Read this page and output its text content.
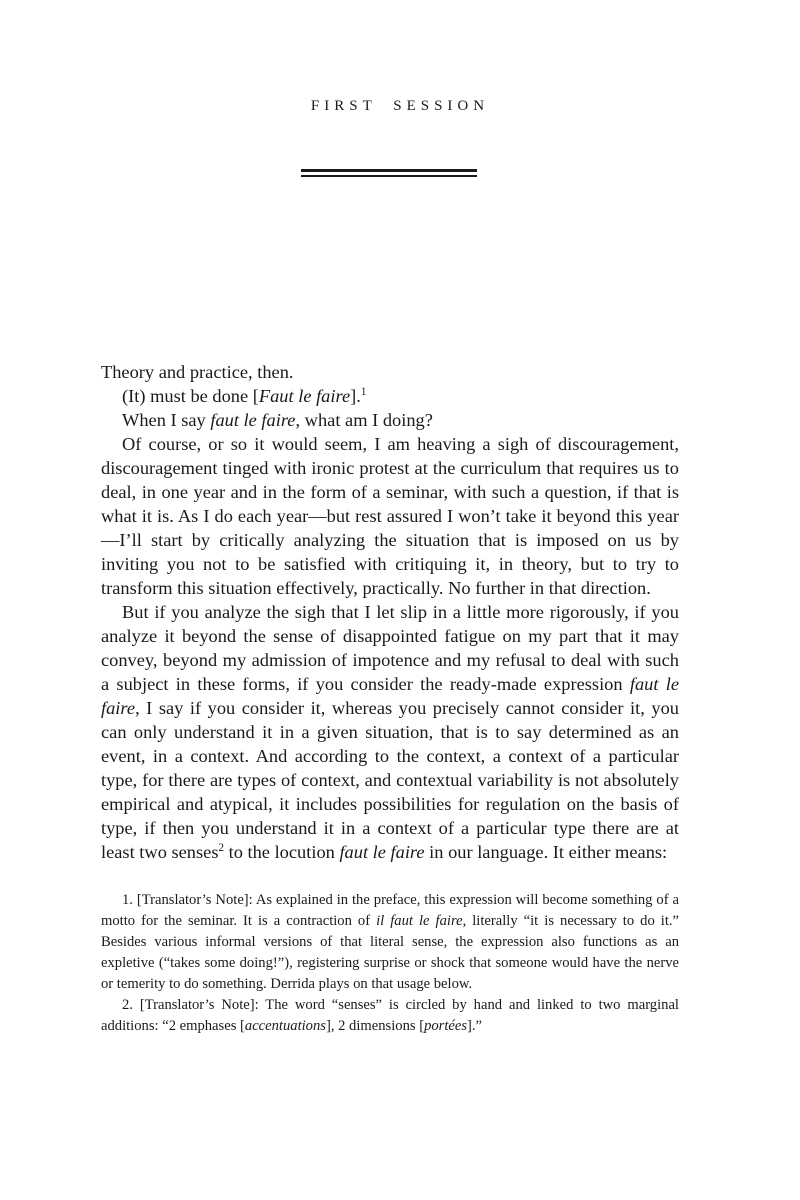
FIRST SESSION

Theory and practice, then.

(It) must be done [Faut le faire].$^1$

When I say faut le faire, what am I doing?

Of course, or so it would seem, I am heaving a sigh of discouragement, discouragement tinged with ironic protest at the curriculum that requires us to deal, in one year and in the form of a seminar, with such a question, if that is what it is. As I do each year—but rest assured I won’t take it beyond this year—I’ll start by critically analyzing the situation that is imposed on us by inviting you not to be satisfied with critiquing it, in theory, but to try to transform this situation effectively, practically. No further in that direction.

But if you analyze the sigh that I let slip in a little more rigorously, if you analyze it beyond the sense of disappointed fatigue on my part that it may convey, beyond my admission of impotence and my refusal to deal with such a subject in these forms, if you consider the ready-made expression faut le faire, I say if you consider it, whereas you precisely cannot consider it, you can only understand it in a given situation, that is to say determined as an event, in a context. And according to the context, a context of a particular type, for there are types of context, and contextual variability is not absolutely empirical and atypical, it includes possibilities for regulation on the basis of type, if then you understand it in a context of a particular type there are at least two senses$^2$ to the locution faut le faire in our language. It either means:

1. [Translator’s Note]: As explained in the preface, this expression will become something of a motto for the seminar. It is a contraction of il faut le faire, literally “it is necessary to do it.” Besides various informal versions of that literal sense, the expression also functions as an expletive (“takes some doing!”), registering surprise or shock that someone would have the nerve or temerity to do something. Derrida plays on that usage below.

2. [Translator’s Note]: The word “senses” is circled by hand and linked to two marginal additions: “2 emphases [accentuations], 2 dimensions [portées].”
